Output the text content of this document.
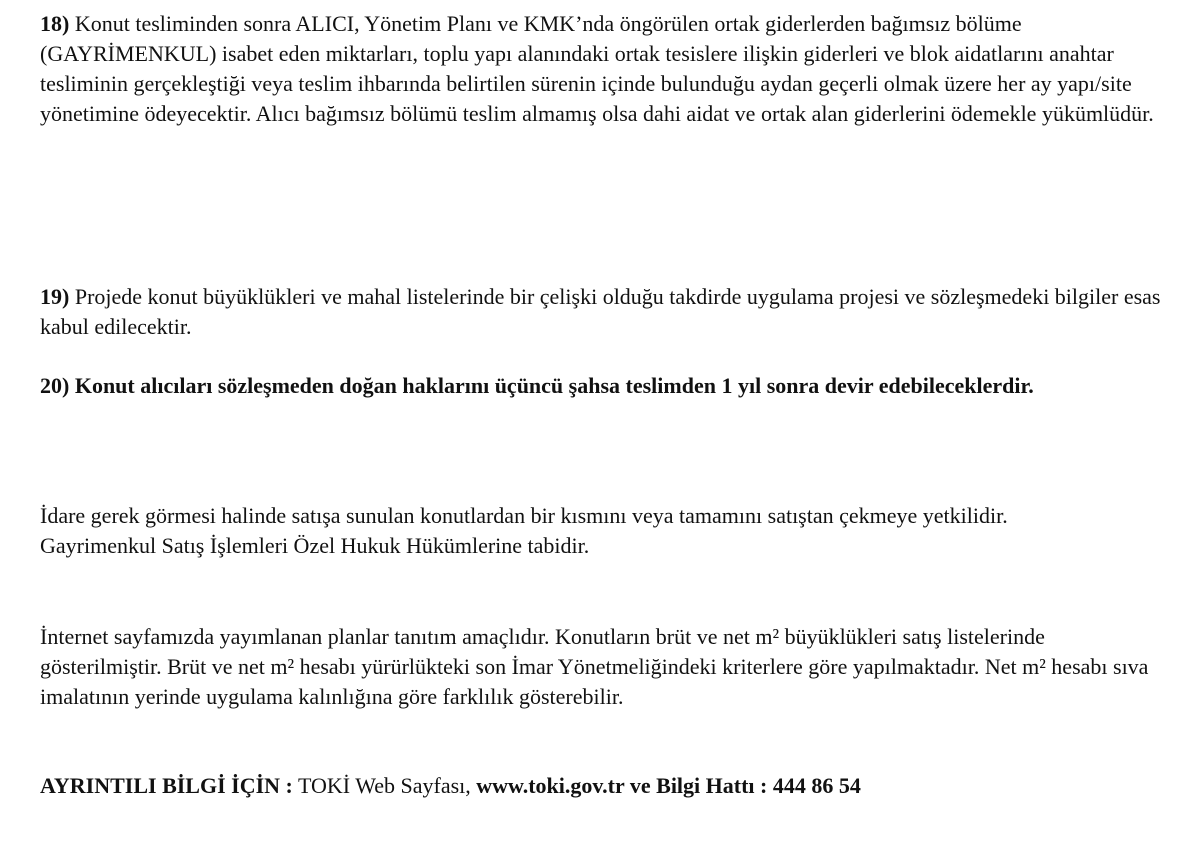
18) Konut tesliminden sonra ALICI, Yönetim Planı ve KMK’nda öngörülen ortak giderlerden bağımsız bölüme (GAYRİMENKUL) isabet eden miktarları, toplu yapı alanındaki ortak tesislere ilişkin giderleri ve blok aidatlarını anahtar tesliminin gerçekleştiği veya teslim ihbarında belirtilen sürenin içinde bulunduğu aydan geçerli olmak üzere her ay yapı/site yönetimine ödeyecektir. Alıcı bağımsız bölümü teslim almamış olsa dahi aidat ve ortak alan giderlerini ödemekle yükümlüdür.

19) Projede konut büyüklükleri ve mahal listelerinde bir çelişki olduğu takdirde uygulama projesi ve sözleşmedeki bilgiler esas kabul edilecektir.

20) Konut alıcıları sözleşmeden doğan haklarını üçüncü şahsa teslimden 1 yıl sonra devir edebileceklerdir.

İdare gerek görmesi halinde satışa sunulan konutlardan bir kısmını veya tamamını satıştan çekmeye yetkilidir.

Gayrimenkul Satış İşlemleri Özel Hukuk Hükümlerine tabidir.

İnternet sayfamızda yayımlanan planlar tanıtım amaçlıdır. Konutların brüt ve net m² büyüklükleri satış listelerinde gösterilmiştir. Brüt ve net m² hesabı yürürlükteki son İmar Yönetmeliğindeki kriterlere göre yapılmaktadır. Net m² hesabı sıva imalatının yerinde uygulama kalınlığına göre farklılık gösterebilir.

AYRINTILI BİLGİ İÇİN : TOKİ Web Sayfası, www.toki.gov.tr ve Bilgi Hattı : 444 86 54
